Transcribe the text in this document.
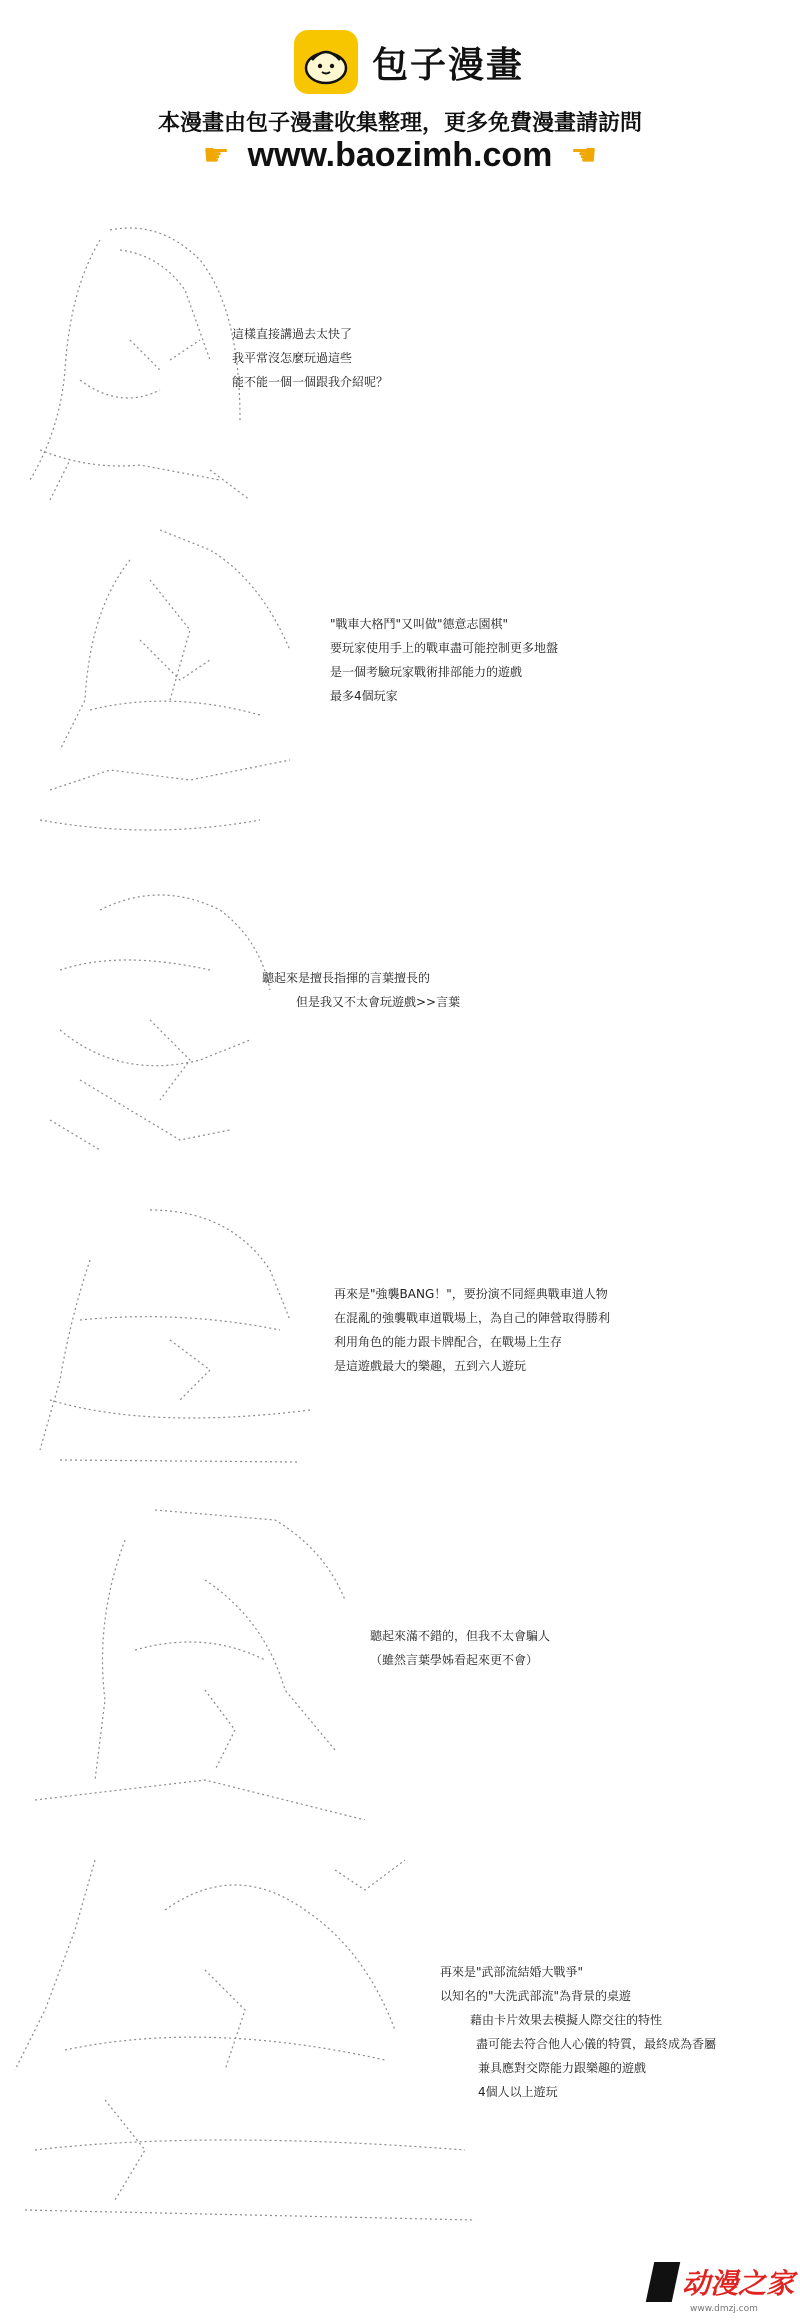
包子漫畫
本漫畫由包子漫畫收集整理，更多免費漫畫請訪問
☛ www.baozimh.com ☚
這樣直接講過去太快了
我平常沒怎麼玩過這些
能不能一個一個跟我介紹呢？
"戰車大格鬥"又叫做"德意志園棋"
要玩家使用手上的戰車盡可能控制更多地盤
是一個考驗玩家戰術排部能力的遊戲
最多4個玩家
聽起來是擅長指揮的言葉擅長的
但是我又不太會玩遊戲>>言葉
再來是"強襲BANG！"，要扮演不同經典戰車道人物
在混亂的強襲戰車道戰場上，為自己的陣營取得勝利
利用角色的能力跟卡牌配合，在戰場上生存
是這遊戲最大的樂趣，五到六人遊玩
聽起來滿不錯的，但我不太會騙人
（雖然言葉學姊看起來更不會）
再來是"武部流結婚大戰爭"
以知名的"大洗武部流"為背景的桌遊
藉由卡片效果去模擬人際交往的特性
盡可能去符合他人心儀的特質，最終成為香屬
兼具應對交際能力跟樂趣的遊戲
4個人以上遊玩
动漫之家
www.dmzj.com
